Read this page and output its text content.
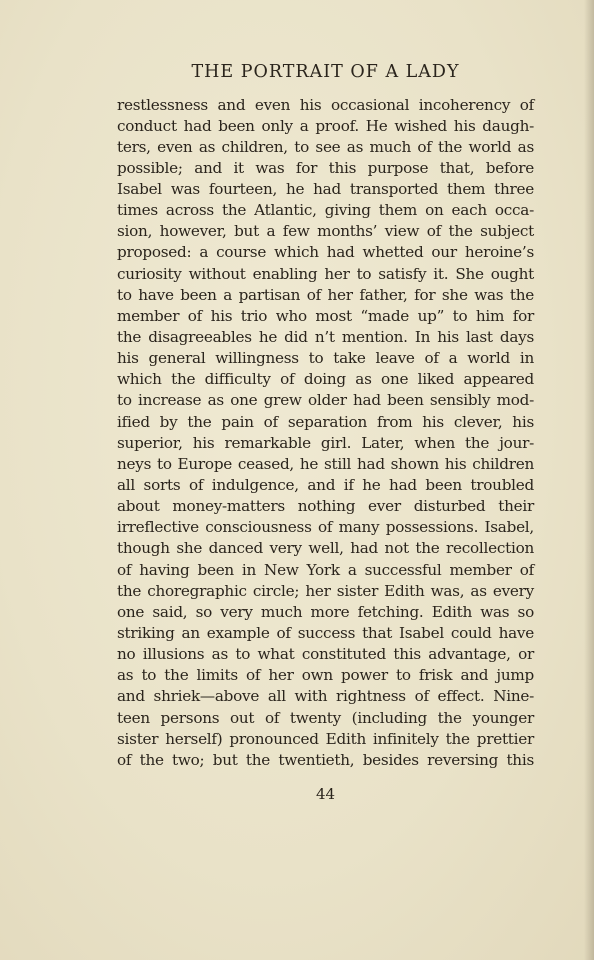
THE PORTRAIT OF A LADY
restlessness and even his occasional incoherency of
conduct had been only a proof. He wished his daugh-
ters, even as children, to see as much of the world as
possible; and it was for this purpose that, before
Isabel was fourteen, he had transported them three
times across the Atlantic, giving them on each occa-
sion, however, but a few months’ view of the subject
proposed: a course which had whetted our heroine’s
curiosity without enabling her to satisfy it. She ought
to have been a partisan of her father, for she was the
member of his trio who most “made up” to him for
the disagreeables he did n’t mention. In his last days
his general willingness to take leave of a world in
which the difficulty of doing as one liked appeared
to increase as one grew older had been sensibly mod-
ified by the pain of separation from his clever, his
superior, his remarkable girl. Later, when the jour-
neys to Europe ceased, he still had shown his children
all sorts of indulgence, and if he had been troubled
about money-matters nothing ever disturbed their
irreflective consciousness of many possessions. Isabel,
though she danced very well, had not the recollection
of having been in New York a successful member of
the choregraphic circle; her sister Edith was, as every
one said, so very much more fetching. Edith was so
striking an example of success that Isabel could have
no illusions as to what constituted this advantage, or
as to the limits of her own power to frisk and jump
and shriek—above all with rightness of effect. Nine-
teen persons out of twenty (including the younger
sister herself) pronounced Edith infinitely the prettier
of the two; but the twentieth, besides reversing this
44
